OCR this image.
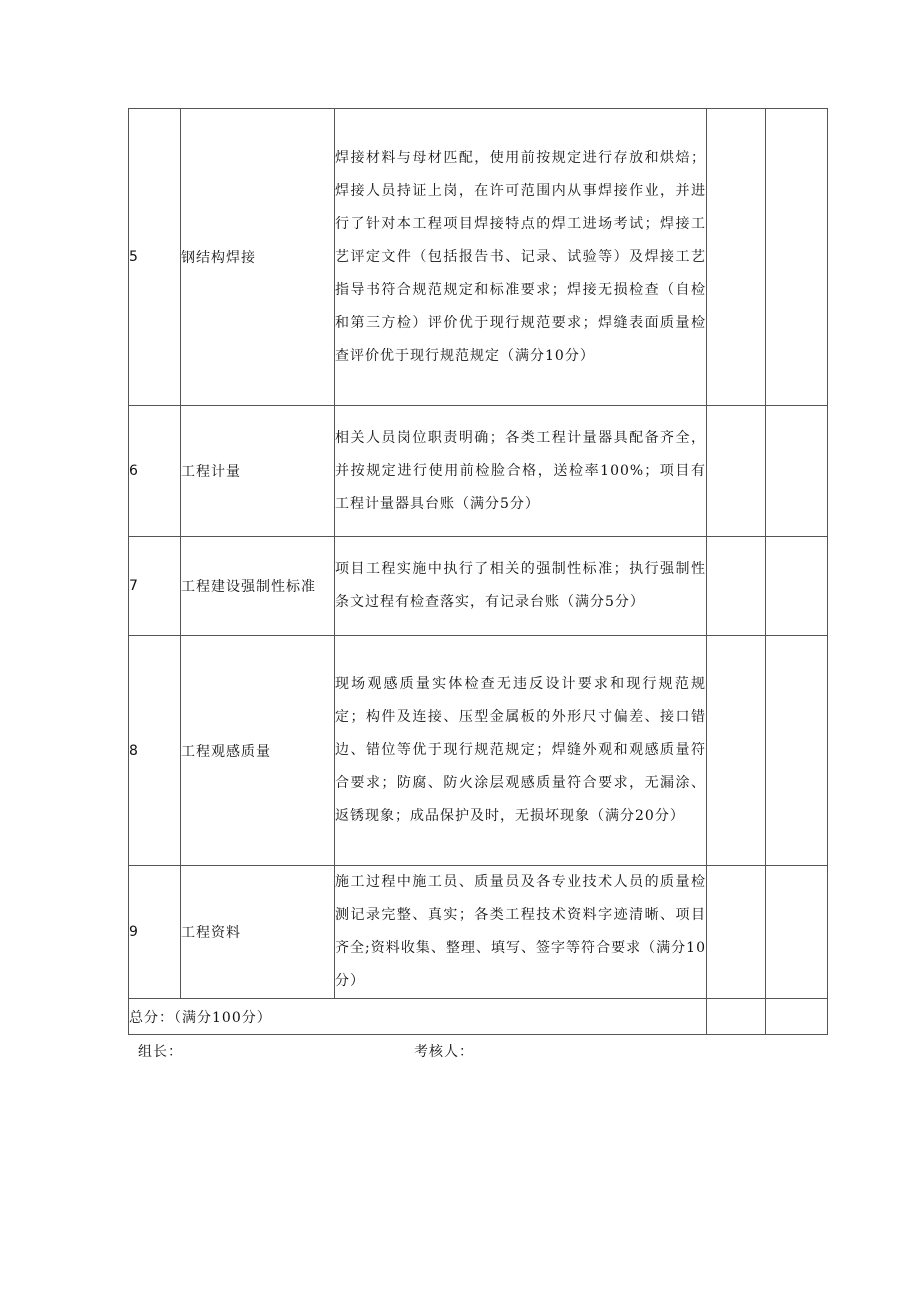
5	钢结构焊接	焊接材料与母材匹配，使用前按规定进行存放和烘焙；焊接人员持证上岗，在许可范围内从事焊接作业，并进行了针对本工程项目焊接特点的焊工进场考试；焊接工艺评定文件（包括报告书、记录、试验等）及焊接工艺指导书符合规范规定和标准要求；焊接无损检查（自检和第三方检）评价优于现行规范要求；焊缝表面质量检查评价优于现行规范规定（满分10分）		
6	工程计量	相关人员岗位职责明确；各类工程计量器具配备齐全，并按规定进行使用前检脸合格，送检率100%；项目有工程计量器具台账（满分5分）		
7	工程建设强制性标准	项目工程实施中执行了相关的强制性标准；执行强制性条文过程有检查落实，有记录台账（满分5分）		
8	工程观感质量	现场观感质量实体检查无违反设计要求和现行规范规定；构件及连接、压型金属板的外形尺寸偏差、接口错边、错位等优于现行规范规定；焊缝外观和观感质量符合要求；防腐、防火涂层观感质量符合要求，无漏涂、返锈现象；成品保护及时，无损坏现象（满分20分）		
9	工程资料	施工过程中施工员、质量员及各专业技术人员的质量检测记录完整、真实；各类工程技术资料字迹清晰、项目齐全;资料收集、整理、填写、签字等符合要求（满分10分）		
总分：（满分100分）				
组长：	考核人：
